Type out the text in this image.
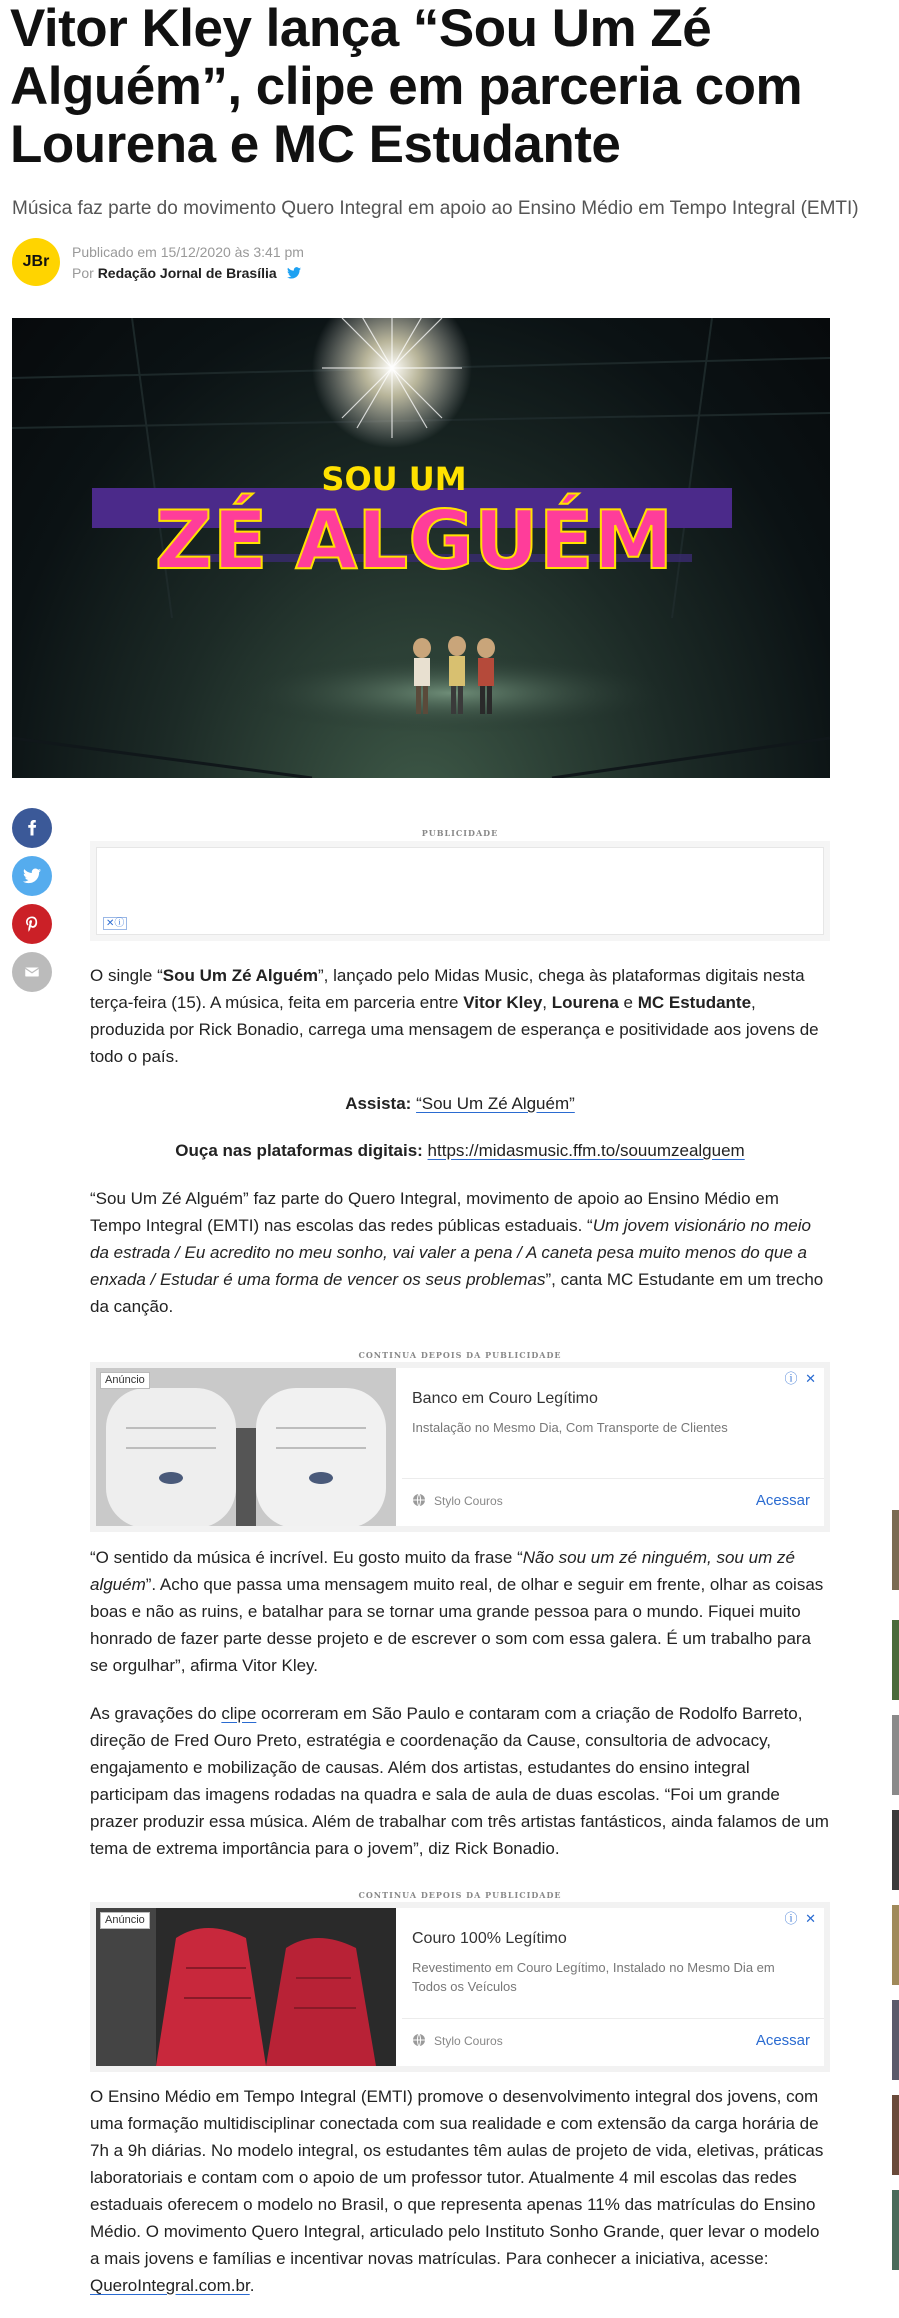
Vitor Kley lança “Sou Um Zé Alguém”, clipe em parceria com Lourena e MC Estudante

Música faz parte do movimento Quero Integral em apoio ao Ensino Médio em Tempo Integral (EMTI)

JBr
Publicado em 15/12/2020 às 3:41 pm
Por Redação Jornal de Brasília
SOU UM
ZÉ ALGUÉM
PUBLICIDADE
✕ⓘ

O single “Sou Um Zé Alguém”, lançado pelo Midas Music, chega às plataformas digitais nesta terça-feira (15). A música, feita em parceria entre Vitor Kley, Lourena e MC Estudante, produzida por Rick Bonadio, carrega uma mensagem de esperança e positividade aos jovens de todo o país.

Assista: “Sou Um Zé Alguém”

Ouça nas plataformas digitais: https://midasmusic.ffm.to/souumzealguem

“Sou Um Zé Alguém” faz parte do Quero Integral, movimento de apoio ao Ensino Médio em Tempo Integral (EMTI) nas escolas das redes públicas estaduais. “Um jovem visionário no meio da estrada / Eu acredito no meu sonho, vai valer a pena / A caneta pesa muito menos do que a enxada / Estudar é uma forma de vencer os seus problemas”, canta MC Estudante em um trecho da canção.

CONTINUA DEPOIS DA PUBLICIDADE
Anúncio	ⓘ ✕
Banco em Couro Legítimo
Instalação no Mesmo Dia, Com Transporte de Clientes
Stylo Couros	Acessar

“O sentido da música é incrível. Eu gosto muito da frase “Não sou um zé ninguém, sou um zé alguém”. Acho que passa uma mensagem muito real, de olhar e seguir em frente, olhar as coisas boas e não as ruins, e batalhar para se tornar uma grande pessoa para o mundo. Fiquei muito honrado de fazer parte desse projeto e de escrever o som com essa galera. É um trabalho para se orgulhar”, afirma Vitor Kley.

As gravações do clipe ocorreram em São Paulo e contaram com a criação de Rodolfo Barreto, direção de Fred Ouro Preto, estratégia e coordenação da Cause, consultoria de advocacy, engajamento e mobilização de causas. Além dos artistas, estudantes do ensino integral participam das imagens rodadas na quadra e sala de aula de duas escolas. “Foi um grande prazer produzir essa música. Além de trabalhar com três artistas fantásticos, ainda falamos de um tema de extrema importância para o jovem”, diz Rick Bonadio.

CONTINUA DEPOIS DA PUBLICIDADE
Anúncio	ⓘ ✕
Couro 100% Legítimo
Revestimento em Couro Legítimo, Instalado no Mesmo Dia em Todos os Veículos
Stylo Couros	Acessar

O Ensino Médio em Tempo Integral (EMTI) promove o desenvolvimento integral dos jovens, com uma formação multidisciplinar conectada com sua realidade e com extensão da carga horária de 7h a 9h diárias. No modelo integral, os estudantes têm aulas de projeto de vida, eletivas, práticas laboratoriais e contam com o apoio de um professor tutor. Atualmente 4 mil escolas das redes estaduais oferecem o modelo no Brasil, o que representa apenas 11% das matrículas do Ensino Médio. O movimento Quero Integral, articulado pelo Instituto Sonho Grande, quer levar o modelo a mais jovens e famílias e incentivar novas matrículas. Para conhecer a iniciativa, acesse: QueroIntegral.com.br.
